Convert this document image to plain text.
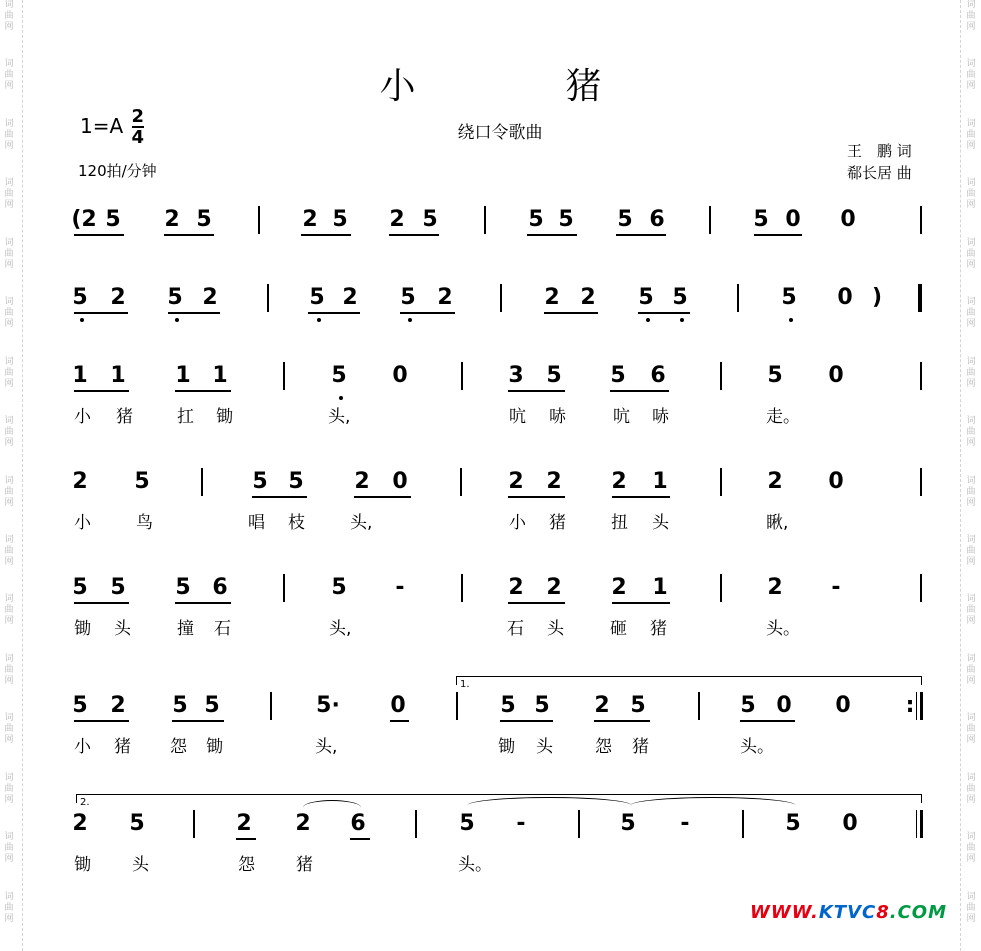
词
曲
网
词
曲
网
词
曲
网
词
曲
网
词
曲
网
词
曲
网
词
曲
网
词
曲
网
词
曲
网
词
曲
网
词
曲
网
词
曲
网
词
曲
网
词
曲
网
词
曲
网
词
曲
网
词
曲
网
词
曲
网
词
曲
网
词
曲
网
词
曲
网
词
曲
网
词
曲
网
词
曲
网
词
曲
网
词
曲
网
词
曲
网
词
曲
网
词
曲
网
词
曲
网
词
曲
网
词
曲
网
小猪
$1=A \frac{2}{4}$
120拍/分钟
绕口令歌曲
王　鹏 词
郗长居 曲
(2 5 2 5	2 5 2 5	5 5 5 6	5 0 0
5 2 5 2	5 2 5 2	2 2 5 5	5 0 )
1 1 1 1	5 0	3 5 5 6	5 0
小 猪	扛 锄	头,	吭 哧	吭 哧	走。
2 5	5 5 2 0	2 2 2 1	2 0
小	鸟	唱 枝	头,	小 猪	扭 头	瞅,
5 5 5 6	5 -	2 2 2 1	2 -
锄 头	撞 石	头,	石 头	砸 猪	头。
5 2 5 5	5· 0	5 5 2 5	5 0 0 :
小 猪 怨 锄	头,	锄 头 怨 猪	头。
2 5	2 2 6	5 -	5 -	5 0
锄 头	怨 猪	头。
1.
2.
WWW.KTVC8.COM
